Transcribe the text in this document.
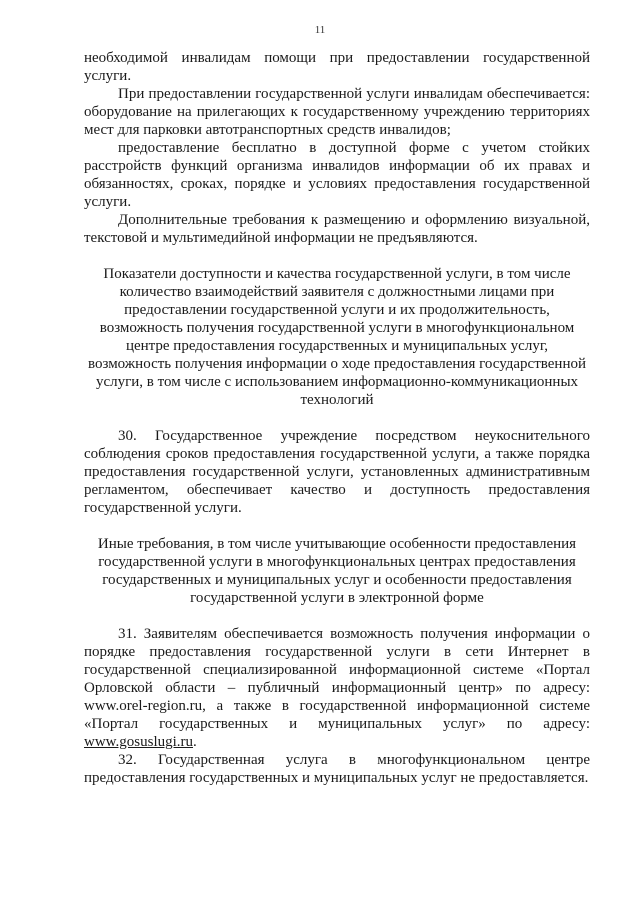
11

необходимой инвалидам помощи при предоставлении государственной услуги.

При предоставлении государственной услуги инвалидам обеспечивается: оборудование на прилегающих к государственному учреждению территориях мест для парковки автотранспортных средств инвалидов;

предоставление бесплатно в доступной форме с учетом стойких расстройств функций организма инвалидов информации об их правах и обязанностях, сроках, порядке и условиях предоставления государственной услуги.

Дополнительные требования к размещению и оформлению визуальной, текстовой и мультимедийной информации не предъявляются.

Показатели доступности и качества государственной услуги, в том числе количество взаимодействий заявителя с должностными лицами при предоставлении государственной услуги и их продолжительность, возможность получения государственной услуги в многофункциональном центре предоставления государственных и муниципальных услуг, возможность получения информации о ходе предоставления государственной услуги, в том числе с использованием информационно-коммуникационных технологий

30. Государственное учреждение посредством неукоснительного соблюдения сроков предоставления государственной услуги, а также порядка предоставления государственной услуги, установленных административным регламентом, обеспечивает качество и доступность предоставления государственной услуги.

Иные требования, в том числе учитывающие особенности предоставления государственной услуги в многофункциональных центрах предоставления государственных и муниципальных услуг и особенности предоставления государственной услуги в электронной форме

31. Заявителям обеспечивается возможность получения информации о порядке предоставления государственной услуги в сети Интернет в государственной специализированной информационной системе «Портал Орловской области – публичный информационный центр» по адресу: www.orel-region.ru, а также в государственной информационной системе «Портал государственных и муниципальных услуг» по адресу: www.gosuslugi.ru.

32. Государственная услуга в многофункциональном центре предоставления государственных и муниципальных услуг не предоставляется.
